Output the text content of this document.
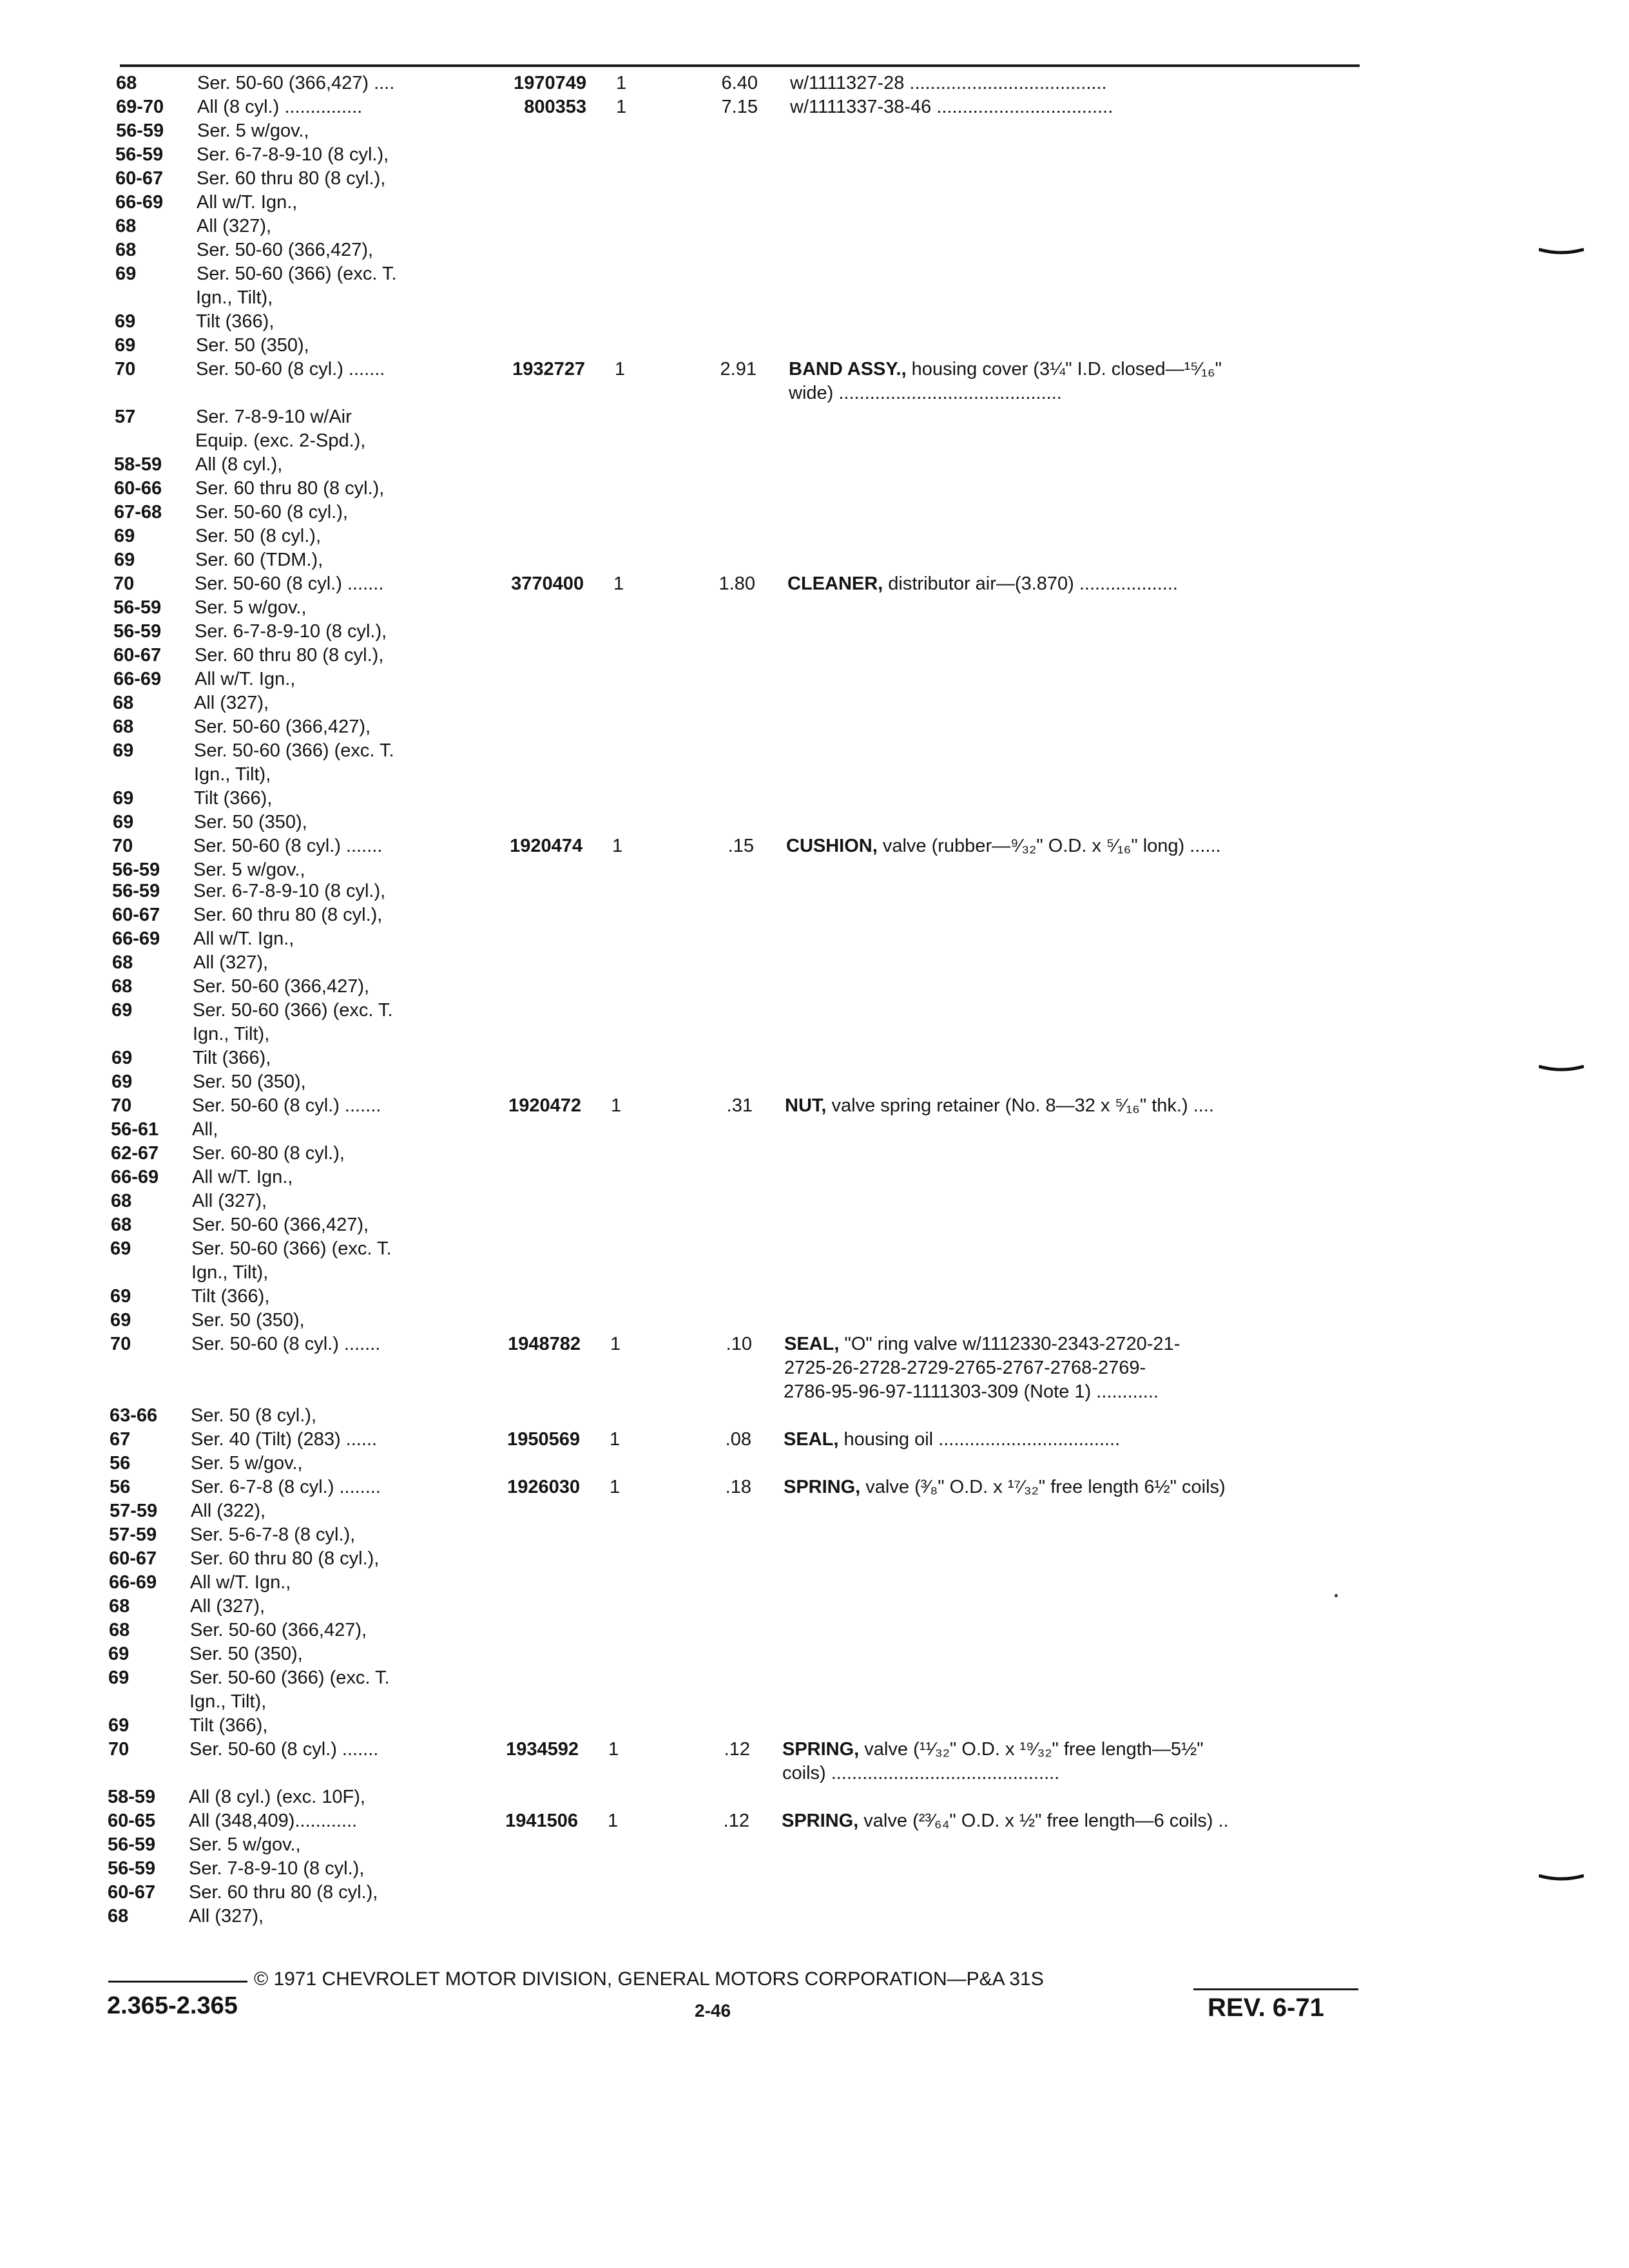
68	Ser. 50-60 (366,427) ....	1970749 1	6.40 w/1111327-28 ......................................
69-70 All (8 cyl.) ...............	800353 1	7.15 w/1111337-38-46 ..................................
56-59 Ser. 5 w/gov.,
56-59 Ser. 6-7-8-9-10 (8 cyl.),
60-67 Ser. 60 thru 80 (8 cyl.),
66-69 All w/T. Ign.,
68	All (327),
68	Ser. 50-60 (366,427),
69	Ser. 50-60 (366) (exc. T.
Ign., Tilt),
69	Tilt (366),
69	Ser. 50 (350),
70	Ser. 50-60 (8 cyl.) .......	1932727 1	2.91 BAND ASSY., housing cover (3¼" I.D. closed—¹⁵⁄₁₆"
wide) ...........................................
57	Ser. 7-8-9-10 w/Air
Equip. (exc. 2-Spd.),
58-59 All (8 cyl.),
60-66 Ser. 60 thru 80 (8 cyl.),
67-68 Ser. 50-60 (8 cyl.),
69	Ser. 50 (8 cyl.),
69	Ser. 60 (TDM.),
70	Ser. 50-60 (8 cyl.) .......	3770400 1	1.80 CLEANER, distributor air—(3.870) ...................
56-59 Ser. 5 w/gov.,
56-59 Ser. 6-7-8-9-10 (8 cyl.),
60-67 Ser. 60 thru 80 (8 cyl.),
66-69 All w/T. Ign.,
68	All (327),
68	Ser. 50-60 (366,427),
69	Ser. 50-60 (366) (exc. T.
Ign., Tilt),
69	Tilt (366),
69	Ser. 50 (350),
70	Ser. 50-60 (8 cyl.) .......	1920474 1	.15 CUSHION, valve (rubber—⁹⁄₃₂" O.D. x ⁵⁄₁₆" long) ......
56-59 Ser. 5 w/gov.,
56-59 Ser. 6-7-8-9-10 (8 cyl.),
60-67 Ser. 60 thru 80 (8 cyl.),
66-69 All w/T. Ign.,
68	All (327),
68	Ser. 50-60 (366,427),
69	Ser. 50-60 (366) (exc. T.
Ign., Tilt),
69	Tilt (366),
69	Ser. 50 (350),
70	Ser. 50-60 (8 cyl.) .......	1920472 1	.31 NUT, valve spring retainer (No. 8—32 x ⁵⁄₁₆" thk.) ....
56-61 All,
62-67 Ser. 60-80 (8 cyl.),
66-69 All w/T. Ign.,
68	All (327),
68	Ser. 50-60 (366,427),
69	Ser. 50-60 (366) (exc. T.
Ign., Tilt),
69	Tilt (366),
69	Ser. 50 (350),
70	Ser. 50-60 (8 cyl.) .......	1948782 1	.10 SEAL, "O" ring valve w/1112330-2343-2720-21-
2725-26-2728-2729-2765-2767-2768-2769-
2786-95-96-97-1111303-309 (Note 1) ............
63-66 Ser. 50 (8 cyl.),
67	Ser. 40 (Tilt) (283) ......	1950569 1	.08 SEAL, housing oil ...................................
56	Ser. 5 w/gov.,
56	Ser. 6-7-8 (8 cyl.) ........	1926030 1	.18 SPRING, valve (³⁄₈" O.D. x ¹⁷⁄₃₂" free length 6½" coils)
57-59 All (322),
57-59 Ser. 5-6-7-8 (8 cyl.),
60-67 Ser. 60 thru 80 (8 cyl.),
66-69 All w/T. Ign.,
68	All (327),
68	Ser. 50-60 (366,427),
69	Ser. 50 (350),
69	Ser. 50-60 (366) (exc. T.
Ign., Tilt),
69	Tilt (366),
70	Ser. 50-60 (8 cyl.) .......	1934592 1	.12 SPRING, valve (¹¹⁄₃₂" O.D. x ¹⁹⁄₃₂" free length—5½"
coils) ............................................
58-59 All (8 cyl.) (exc. 10F),
60-65 All (348,409)............	1941506 1	.12 SPRING, valve (²³⁄₆₄" O.D. x ½" free length—6 coils) ..
56-59 Ser. 5 w/gov.,
56-59 Ser. 7-8-9-10 (8 cyl.),
60-67 Ser. 60 thru 80 (8 cyl.),
68	All (327),
© 1971 CHEVROLET MOTOR DIVISION, GENERAL MOTORS CORPORATION—P&A 31S
2.365-2.365	2-46	REV. 6-71
